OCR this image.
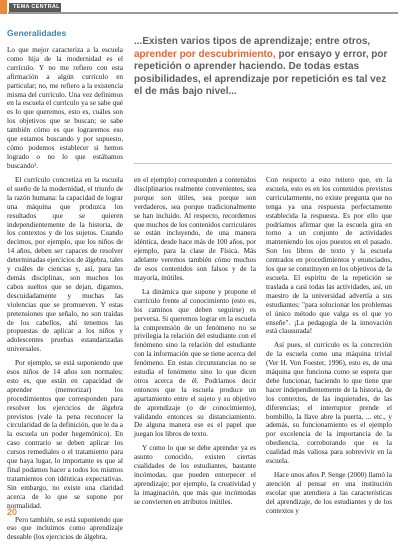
TEMA CENTRAL
Generalidades

Lo que mejor caracteriza a la escuela como hija de la modernidad es el currículo. Y no me refiero con esta afirmación a algún currículo en particular; no, me refiero a la existencia misma del currículo. Una vez definimos en la escuela el currículo ya se sabe qué es lo que queremos, esto es, cuáles son los objetivos que se buscan; se sabe también cómo es que lograremos eso que estamos buscando y por supuesto, cómo podemos establecer si hemos logrado o no lo que estábamos buscando¹.

...Existen varios tipos de aprendizaje; entre otros, aprender por descubrimiento, por ensayo y error, por repetición o aprender haciendo. De todas estas posibilidades, el aprendizaje por repetición es tal vez el de más bajo nivel...

El currículo concretiza en la escuela el sueño de la modernidad, el triunfo de la razón humana: la capacidad de lograr una máquina que produzca los resultados que se quieren independientemente de la historia, de los contextos y de los sujetos. Cuando decimos, por ejemplo, que los niños de 14 años, deben ser capaces de resolver determinadas ejercicios de álgebra, tales y cuáles de ciencias y, así, para las demás disciplinas, son muchos los cabos sueltos que se dejan, digamos, descuidadamente y muchas las violencias que se promueven. Y estas pretensiones que señalo, no son traídas de los cabellos, ahí tenemos las propuestas de aplicar a los niños y adolescentes pruebas estandarizadas universales.

Por ejemplo, se está suponiendo que esos niños de 14 años son normales; esto es, que están en capacidad de aprender (memorizar) los procedimientos que corresponden para resolver los ejercicios de álgebra previstos (vale la pena reconocer la circularidad de la definición, que le da a la escuela un poder hegemónico). En caso contrario se deben aplicar los cursos remediales o el tratamiento para que haya lugar, lo importante es que al final podamos hacer a todos los mismos tratamientos con idénticas expectativas. Sin embargo, no existe una claridad acerca de lo que se supone por normalidad.

Pero también, se está suponiendo que eso que incluimos como aprendizaje deseable (los ejercicios de álgebra,

en el ejemplo) corresponden a contenidos disciplinarios realmente convenientes, sea porque son útiles, sea porque son verdaderos, sea porque tradicionalmente se han incluido. Al respecto, recordemos que muchos de los contenidos curriculares se están incluyendo, de una manera idéntica, desde hace más de 100 años, por ejemplo, para la clase de Física. Más adelante veremos también cómo muchos de esos contenidos son falsos y de la mayoría, inútiles.

La dinámica que supone y propone el currículo frente al conocimiento (esto es, los caminos que deben seguirse) es perversa. Si queremos lograr en la escuela la comprensión de un fenómeno no se privilegia la relación del estudiante con el fenómeno sino la relación del estudiante con la información que se tiene acerca del fenómeno. En estas circunstancias no se estudia el fenómeno sino lo que dicen otros acerca de él. Podríamos decir entonces que la escuela produce un apartamiento entre el sujeto y su objetivo de aprendizaje (o de conocimiento), validando entonces su distanciamiento. De alguna manera ese es el papel que juegan los libros de texto.

Y como lo que se debe aprender ya es asunto conocido, existen ciertas cualidades de los estudiantes, bastante incómodas, que pueden entorpecer el aprendizaje; por ejemplo, la creatividad y la imaginación, que más que incómodas se convierten en atributos inútiles.

Con respecto a esto reitero que, en la escuela, esto es en los contenidos previstos curricularmente, no existe pregunta que no tenga ya una respuesta perfectamente establecida la respuesta. Es por ello que podríamos afirmar que la escuela gira en torno a un conjunto de actividades manteniendo los ojos puestos en el pasado. Son los libros de texto y la escuela centrados en procedimientos y enunciados, los que se constituyen en los objetivos de la escuela. El espíritu de la repetición se traslada a casi todas las actividades, así, un maestro de la universidad advertía a sus estudiantes: "para solucionar los problemas el único método que valga es el que yo enseñe". ¡La pedagogía de la innovación está clausurada!

Así pues, el currículo es la concreción de la escuela como una máquina trivial (Ver H. Von Foester, 1996), esto es, de una máquina que funciona como se espera que debe funcionar, haciendo lo que tiene que hacer independientemente de la historia, de los contextos, de las inquietudes, de las diferencias; el interruptor prende el bombillo, la llave abre la puerta, ... etc., y además, su funcionamiento es el ejemplo por excelencia de la importancia de la obediencia, corroborando que es la cualidad más valiosa para sobrevivir en la escuela.

Hace unos años P. Senge (2000) llamó la atención al pensar en una institución escolar que atendiera a las características del aprendizaje, de los estudiantes y de los contextos y

20
